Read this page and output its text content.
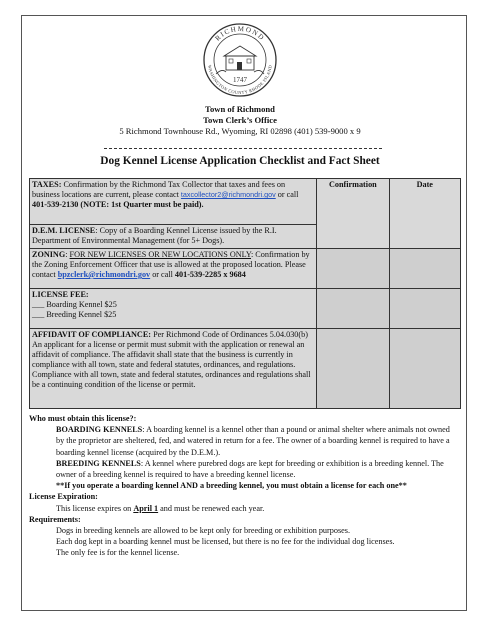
RICHMOND
WASHINGTON COUNTY RHODE ISLAND
1747
Town of Richmond
Town Clerk’s Office
5 Richmond Townhouse Rd., Wyoming, RI 02898 (401) 539-9000 x 9
Dog Kennel License Application Checklist and Fact Sheet
TAXES: Confirmation by the Richmond Tax Collector that taxes and fees on business locations are current, please contact taxcollector2@richmondri.gov or call 401-539-2130 (NOTE: 1st Quarter must be paid).	Confirmation	Date

D.E.M. LICENSE: Copy of a Boarding Kennel License issued by the R.I. Department of Environmental Management (for 5+ Dogs).		
ZONING: FOR NEW LICENSES OR NEW LOCATIONS ONLY: Confirmation by the Zoning Enforcement Officer that use is allowed at the proposed location. Please contact bpzclerk@richmondri.gov or call 401-539-2285 x 9684		

LICENSE FEE:
___ Boarding Kennel $25
___ Breeding Kennel $25		

AFFIDAVIT OF COMPLIANCE: Per Richmond Code of Ordinances 5.04.030(b) An applicant for a license or permit must submit with the application or renewal an affidavit of compliance. The affidavit shall state that the business is currently in compliance with all town, state and federal statutes, ordinances, and regulations. Compliance with all town, state and federal statutes, ordinances and regulations shall be a continuing condition of the license or permit.		
Who must obtain this license?:
BOARDING KENNELS: A boarding kennel is a kennel other than a pound or animal shelter where animals not owned by the proprietor are sheltered, fed, and watered in return for a fee. The owner of a boarding kennel is required to have a boarding kennel license (acquired by the D.E.M.).
BREEDING KENNELS: A kennel where purebred dogs are kept for breeding or exhibition is a breeding kennel. The owner of a breeding kennel is required to have a breeding kennel license.
**If you operate a boarding kennel AND a breeding kennel, you must obtain a license for each one**
License Expiration:
This license expires on April 1 and must be renewed each year.
Requirements:
Dogs in breeding kennels are allowed to be kept only for breeding or exhibition purposes.
Each dog kept in a boarding kennel must be licensed, but there is no fee for the individual dog licenses.
The only fee is for the kennel license.
